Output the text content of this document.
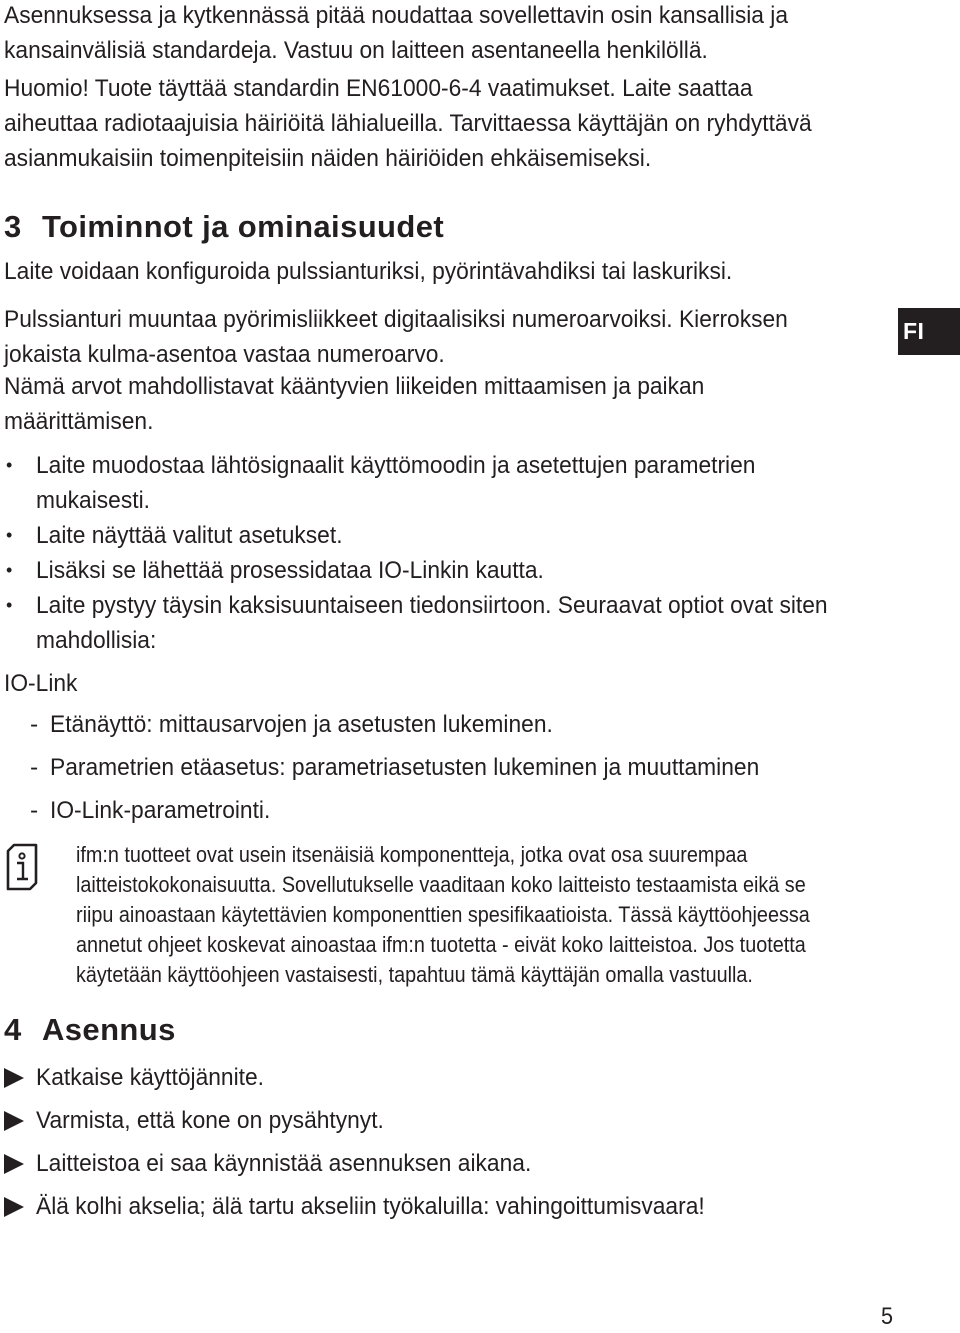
Asennuksessa ja kytkennässä pitää noudattaa sovellettavin osin kansallisia ja

kansainvälisiä standardeja. Vastuu on laitteen asentaneella henkilöllä.

Huomio! Tuote täyttää standardin EN61000-6-4 vaatimukset. Laite saattaa

aiheuttaa radiotaajuisia häiriöitä lähialueilla. Tarvittaessa käyttäjän on ryhdyttävä

asianmukaisiin toimenpiteisiin näiden häiriöiden ehkäisemiseksi.

3 Toiminnot ja ominaisuudet

Laite voidaan konfiguroida pulssianturiksi, pyörintävahdiksi tai laskuriksi.

Pulssianturi muuntaa pyörimisliikkeet digitaalisiksi numeroarvoiksi. Kierroksen

jokaista kulma-asentoa vastaa numeroarvo.

Nämä arvot mahdollistavat kääntyvien liikeiden mittaamisen ja paikan

määrittämisen.

• Laite muodostaa lähtösignaalit käyttömoodin ja asetettujen parametrien

mukaisesti.

• Laite näyttää valitut asetukset.

• Lisäksi se lähettää prosessidataa IO-Linkin kautta.

• Laite pystyy täysin kaksisuuntaiseen tiedonsiirtoon. Seuraavat optiot ovat siten

mahdollisia:

IO-Link

- Etänäyttö: mittausarvojen ja asetusten lukeminen.

- Parametrien etäasetus: parametriasetusten lukeminen ja muuttaminen

- IO-Link-parametrointi.

ifm:n tuotteet ovat usein itsenäisiä komponentteja, jotka ovat osa suurempaa

laitteistokokonaisuutta. Sovellutukselle vaaditaan koko laitteisto testaamista eikä se

riipu ainoastaan käytettävien komponenttien spesifikaatioista. Tässä käyttöohjeessa

annetut ohjeet koskevat ainoastaa ifm:n tuotetta - eivät koko laitteistoa. Jos tuotetta

käytetään käyttöohjeen vastaisesti, tapahtuu tämä käyttäjän omalla vastuulla.

4 Asennus

Katkaise käyttöjännite.

Varmista, että kone on pysähtynyt.

Laitteistoa ei saa käynnistää asennuksen aikana.

Älä kolhi akselia; älä tartu akseliin työkaluilla: vahingoittumisvaara!

FI
5
